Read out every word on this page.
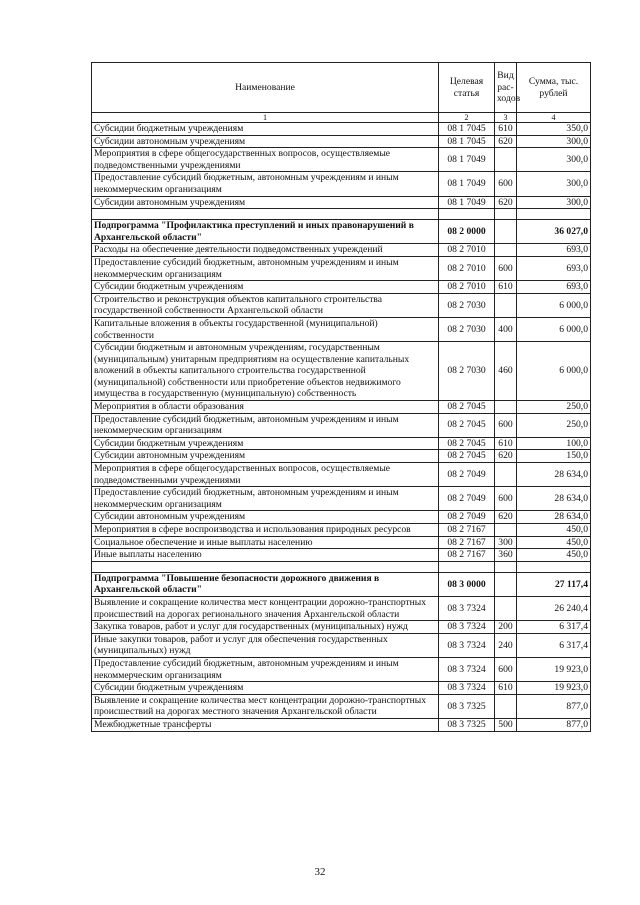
Наименование	Целевая статья	Вид рас-ходов	Сумма, тыс. рублей
1	2	3	4
Субсидии бюджетным учреждениям	08 1 7045	610	350,0
Субсидии автономным учреждениям	08 1 7045	620	300,0
Мероприятия в сфере общегосударственных вопросов, осуществляемые подведомственными учреждениями	08 1 7049		300,0
Предоставление субсидий бюджетным, автономным учреждениям и иным некоммерческим организациям	08 1 7049	600	300,0
Субсидии автономным учреждениям	08 1 7049	620	300,0

Подпрограмма "Профилактика преступлений и иных правонарушений в Архангельской области"	08 2 0000		36 027,0
Расходы на обеспечение деятельности подведомственных учреждений	08 2 7010		693,0
Предоставление субсидий бюджетным, автономным учреждениям и иным некоммерческим организациям	08 2 7010	600	693,0
Субсидии бюджетным учреждениям	08 2 7010	610	693,0
Строительство и реконструкция объектов капитального строительства государственной собственности Архангельской области	08 2 7030		6 000,0
Капитальные вложения в объекты государственной (муниципальной) собственности	08 2 7030	400	6 000,0
Субсидии бюджетным и автономным учреждениям, государственным (муниципальным) унитарным предприятиям на осуществление капитальных вложений в объекты капитального строительства государственной (муниципальной) собственности или приобретение объектов недвижимого имущества в государственную (муниципальную) собственность	08 2 7030	460	6 000,0
Мероприятия в области образования	08 2 7045		250,0
Предоставление субсидий бюджетным, автономным учреждениям и иным некоммерческим организациям	08 2 7045	600	250,0
Субсидии бюджетным учреждениям	08 2 7045	610	100,0
Субсидии автономным учреждениям	08 2 7045	620	150,0
Мероприятия в сфере общегосударственных вопросов, осуществляемые подведомственными учреждениями	08 2 7049		28 634,0
Предоставление субсидий бюджетным, автономным учреждениям и иным некоммерческим организациям	08 2 7049	600	28 634,0
Субсидии автономным учреждениям	08 2 7049	620	28 634,0
Мероприятия в сфере воспроизводства и использования природных ресурсов	08 2 7167		450,0
Социальное обеспечение и иные выплаты населению	08 2 7167	300	450,0
Иные выплаты населению	08 2 7167	360	450,0

Подпрограмма "Повышение безопасности дорожного движения в Архангельской области"	08 3 0000		27 117,4
Выявление и сокращение количества мест концентрации дорожно-транспортных происшествий на дорогах регионального значения Архангельской области	08 3 7324		26 240,4
Закупка товаров, работ и услуг для государственных (муниципальных) нужд	08 3 7324	200	6 317,4
Иные закупки товаров, работ и услуг для обеспечения государственных (муниципальных) нужд	08 3 7324	240	6 317,4
Предоставление субсидий бюджетным, автономным учреждениям и иным некоммерческим организациям	08 3 7324	600	19 923,0
Субсидии бюджетным учреждениям	08 3 7324	610	19 923,0
Выявление и сокращение количества мест концентрации дорожно-транспортных происшествий на дорогах местного значения Архангельской области	08 3 7325		877,0
Межбюджетные трансферты	08 3 7325	500	877,0
32
